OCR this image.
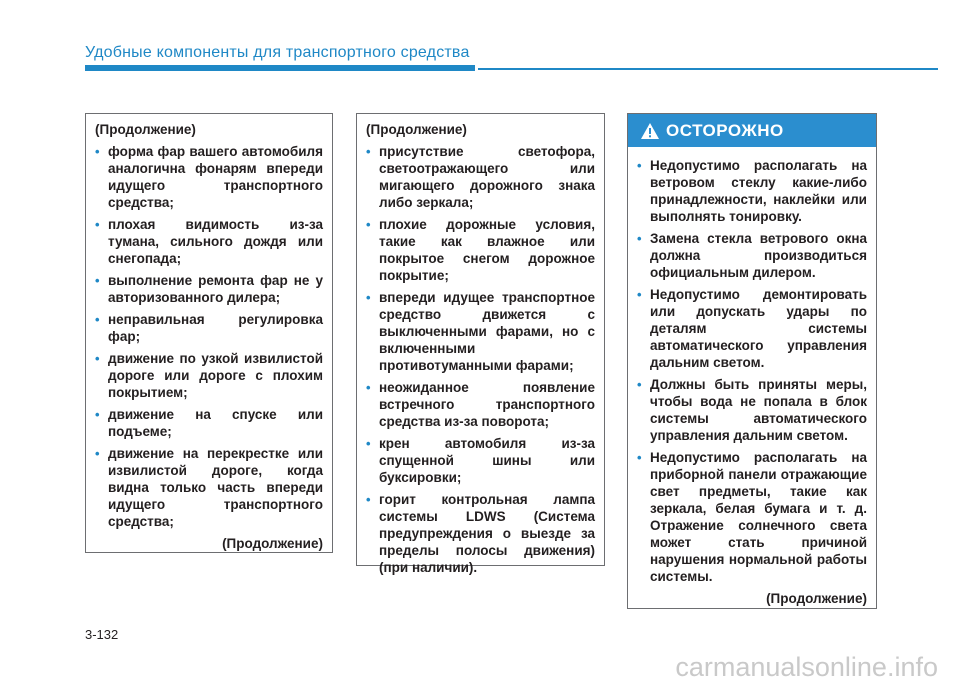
Удобные компоненты для транспортного средства
(Продолжение)
• форма фар вашего автомобиля аналогична фонарям впереди идущего транспортного средства;
• плохая видимость из-за тумана, сильного дождя или снегопада;
• выполнение ремонта фар не у авторизованного дилера;
• неправильная регулировка фар;
• движение по узкой извилистой дороге или дороге с плохим покрытием;
• движение на спуске или подъеме;
• движение на перекрестке или извилистой дороге, когда видна только часть впереди идущего транспортного средства;
(Продолжение)
(Продолжение)
• присутствие светофора, светоотражающего или мигающего дорожного знака либо зеркала;
• плохие дорожные условия, такие как влажное или покрытое снегом дорожное покрытие;
• впереди идущее транспортное средство движется с выключенными фарами, но с включенными противотуманными фарами;
• неожиданное появление встречного транспортного средства из-за поворота;
• крен автомобиля из-за спущенной шины или буксировки;
• горит контрольная лампа системы LDWS (Система предупреждения о выезде за пределы полосы движения) (при наличии).
ОСТОРОЖНО
• Недопустимо располагать на ветровом стеклу какие-либо принадлежности, наклейки или выполнять тонировку.
• Замена стекла ветрового окна должна производиться официальным дилером.
• Недопустимо демонтировать или допускать удары по деталям системы автоматического управления дальним светом.
• Должны быть приняты меры, чтобы вода не попала в блок системы автоматического управления дальним светом.
• Недопустимо располагать на приборной панели отражающие свет предметы, такие как зеркала, белая бумага и т. д. Отражение солнечного света может стать причиной нарушения нормальной работы системы.
(Продолжение)
3-132
carmanualsonline.info
